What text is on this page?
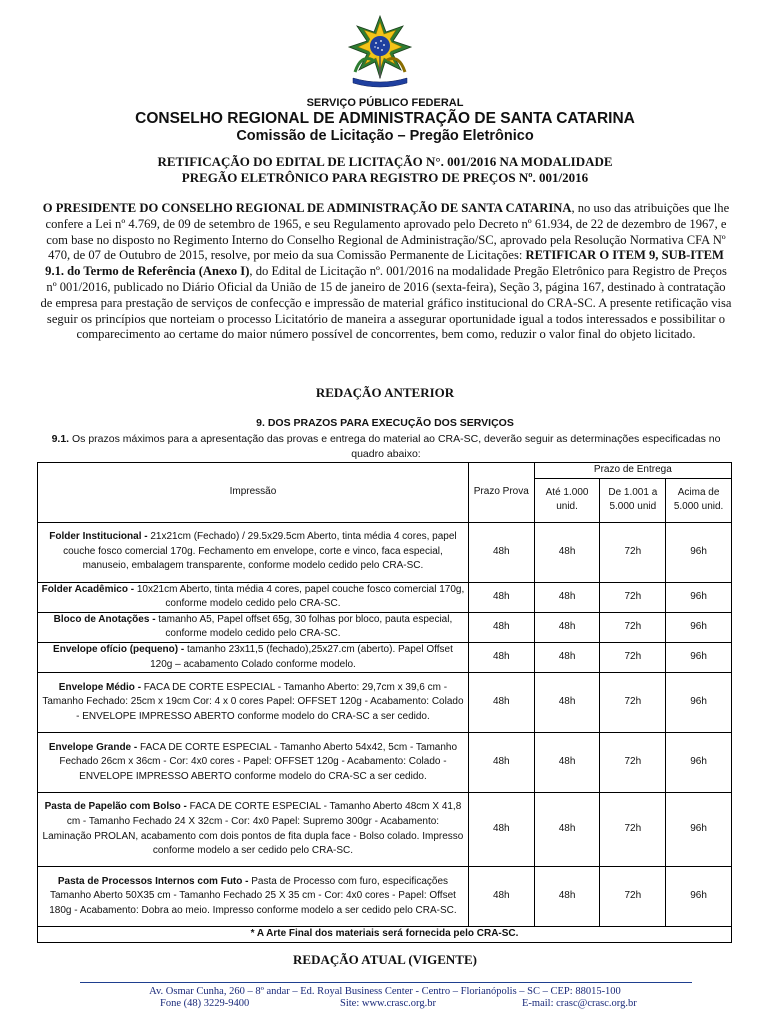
SERVIÇO PÚBLICO FEDERAL
CONSELHO REGIONAL DE ADMINISTRAÇÃO DE SANTA CATARINA
Comissão de Licitação – Pregão Eletrônico
RETIFICAÇÃO DO EDITAL DE LICITAÇÃO N°. 001/2016 NA MODALIDADE
PREGÃO ELETRÔNICO PARA REGISTRO DE PREÇOS Nº. 001/2016
O PRESIDENTE DO CONSELHO REGIONAL DE ADMINISTRAÇÃO DE SANTA CATARINA, no uso das atribuições que lhe confere a Lei nº 4.769, de 09 de setembro de 1965, e seu Regulamento aprovado pelo Decreto nº 61.934, de 22 de dezembro de 1967, e com base no disposto no Regimento Interno do Conselho Regional de Administração/SC, aprovado pela Resolução Normativa CFA Nº 470, de 07 de Outubro de 2015, resolve, por meio da sua Comissão Permanente de Licitações: RETIFICAR O ITEM 9, SUB-ITEM 9.1. do Termo de Referência (Anexo I), do Edital de Licitação nº. 001/2016 na modalidade Pregão Eletrônico para Registro de Preços nº 001/2016, publicado no Diário Oficial da União de 15 de janeiro de 2016 (sexta-feira), Seção 3, página 167, destinado à contratação de empresa para prestação de serviços de confecção e impressão de material gráfico institucional do CRA-SC. A presente retificação visa seguir os princípios que norteiam o processo Licitatório de maneira a assegurar oportunidade igual a todos interessados e possibilitar o comparecimento ao certame do maior número possível de concorrentes, bem como, reduzir o valor final do objeto licitado.
REDAÇÃO ANTERIOR
9. DOS PRAZOS PARA EXECUÇÃO DOS SERVIÇOS
9.1. Os prazos máximos para a apresentação das provas e entrega do material ao CRA-SC, deverão seguir as determinações especificadas no quadro abaixo:
Impressão	Prazo Prova	Prazo de Entrega		
		Até 1.000 unid.	De 1.001 a 5.000 unid	Acima de 5.000 unid.
Folder Institucional - 21x21cm (Fechado) / 29.5x29.5cm Aberto, tinta média 4 cores, papel couche fosco comercial 170g. Fechamento em envelope, corte e vinco, faca especial, manuseio, embalagem transparente, conforme modelo cedido pelo CRA-SC.	48h	48h	72h	96h
Folder Acadêmico - 10x21cm Aberto, tinta média 4 cores, papel couche fosco comercial 170g, conforme modelo cedido pelo CRA-SC.	48h	48h	72h	96h
Bloco de Anotações - tamanho A5, Papel offset 65g, 30 folhas por bloco, pauta especial, conforme modelo cedido pelo CRA-SC.	48h	48h	72h	96h
Envelope ofício (pequeno) - tamanho 23x11,5 (fechado),25x27.cm (aberto). Papel Offset 120g – acabamento Colado conforme modelo.	48h	48h	72h	96h
Envelope Médio - FACA DE CORTE ESPECIAL - Tamanho Aberto: 29,7cm x 39,6 cm - Tamanho Fechado: 25cm x 19cm Cor: 4 x 0 cores Papel: OFFSET 120g - Acabamento: Colado - ENVELOPE IMPRESSO ABERTO conforme modelo do CRA-SC a ser cedido.	48h	48h	72h	96h
Envelope Grande - FACA DE CORTE ESPECIAL - Tamanho Aberto 54x42, 5cm - Tamanho Fechado 26cm x 36cm - Cor: 4x0 cores - Papel: OFFSET 120g - Acabamento: Colado - ENVELOPE IMPRESSO ABERTO conforme modelo do CRA-SC a ser cedido.	48h	48h	72h	96h
Pasta de Papelão com Bolso - FACA DE CORTE ESPECIAL - Tamanho Aberto 48cm X 41,8 cm - Tamanho Fechado 24 X 32cm - Cor: 4x0 Papel: Supremo 300gr - Acabamento: Laminação PROLAN, acabamento com dois pontos de fita dupla face - Bolso colado. Impresso conforme modelo a ser cedido pelo CRA-SC.	48h	48h	72h	96h
Pasta de Processos Internos com Futo - Pasta de Processo com furo, especificações Tamanho Aberto 50X35 cm - Tamanho Fechado 25 X 35 cm - Cor: 4x0 cores - Papel: Offset 180g - Acabamento: Dobra ao meio. Impresso conforme modelo a ser cedido pelo CRA-SC.	48h	48h	72h	96h
* A Arte Final dos materiais será fornecida pelo CRA-SC.				
REDAÇÃO ATUAL (VIGENTE)
Av. Osmar Cunha, 260 – 8º andar – Ed. Royal Business Center - Centro – Florianópolis – SC – CEP: 88015-100
Fone (48) 3229-9400	Site: www.crasc.org.br	E-mail: crasc@crasc.org.br
